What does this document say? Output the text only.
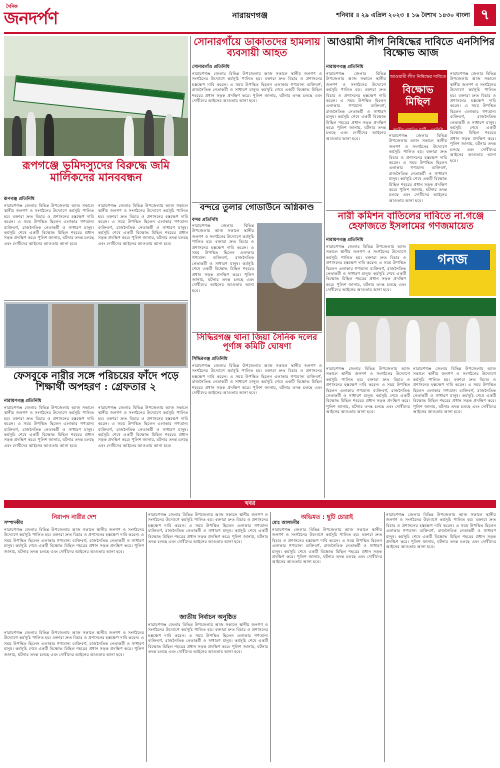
দৈনিক
জনদর্পণ	নারায়ণগঞ্জ	শনিবার ॥ ২৯ এপ্রিল ২০২৩ ॥ ১৬ বৈশাখ ১৪৩০ বাংলা ৭
রূপগঞ্জে ভূমিদস্যুদের বিরুদ্ধে জমি মালিকদের মানববন্ধন
রূপগঞ্জ প্রতিনিধি
নারায়ণগঞ্জ জেলার বিভিন্ন উপজেলায় আজ সকালে স্থানীয় জনগণ ও সংগঠনের উদ্যোগে কর্মসূচি পালিত হয়। বক্তারা দ্রুত বিচার ও প্রশাসনের হস্তক্ষেপ দাবি করেন। এ সময় উপস্থিত ছিলেন এলাকার গণ্যমান্য ব্যক্তিবর্গ, রাজনৈতিক নেতাকর্মী ও সাধারণ মানুষ। কর্মসূচি শেষে একটি বিক্ষোভ মিছিল শহরের প্রধান সড়ক প্রদক্ষিণ করে। পুলিশ জানায়, ঘটনার তদন্ত চলছে এবং দোষীদের আইনের আওতায় আনা হবে।
নারায়ণগঞ্জ জেলার বিভিন্ন উপজেলায় আজ সকালে স্থানীয় জনগণ ও সংগঠনের উদ্যোগে কর্মসূচি পালিত হয়। বক্তারা দ্রুত বিচার ও প্রশাসনের হস্তক্ষেপ দাবি করেন। এ সময় উপস্থিত ছিলেন এলাকার গণ্যমান্য ব্যক্তিবর্গ, রাজনৈতিক নেতাকর্মী ও সাধারণ মানুষ। কর্মসূচি শেষে একটি বিক্ষোভ মিছিল শহরের প্রধান সড়ক প্রদক্ষিণ করে। পুলিশ জানায়, ঘটনার তদন্ত চলছে এবং দোষীদের আইনের আওতায় আনা হবে।
সোনারগাঁয়ে ডাকাতদের হামলায় ব্যবসায়ী আহত
সোনারগাঁও প্রতিনিধি
নারায়ণগঞ্জ জেলার বিভিন্ন উপজেলায় আজ সকালে স্থানীয় জনগণ ও সংগঠনের উদ্যোগে কর্মসূচি পালিত হয়। বক্তারা দ্রুত বিচার ও প্রশাসনের হস্তক্ষেপ দাবি করেন। এ সময় উপস্থিত ছিলেন এলাকার গণ্যমান্য ব্যক্তিবর্গ, রাজনৈতিক নেতাকর্মী ও সাধারণ মানুষ। কর্মসূচি শেষে একটি বিক্ষোভ মিছিল শহরের প্রধান সড়ক প্রদক্ষিণ করে। পুলিশ জানায়, ঘটনার তদন্ত চলছে এবং দোষীদের আইনের আওতায় আনা হবে।
আওয়ামী লীগ নিষিদ্ধের দাবিতে এনসিপির বিক্ষোভ আজ
নারায়ণগঞ্জ প্রতিনিধি
নারায়ণগঞ্জ জেলার বিভিন্ন উপজেলায় আজ সকালে স্থানীয় জনগণ ও সংগঠনের উদ্যোগে কর্মসূচি পালিত হয়। বক্তারা দ্রুত বিচার ও প্রশাসনের হস্তক্ষেপ দাবি করেন। এ সময় উপস্থিত ছিলেন এলাকার গণ্যমান্য ব্যক্তিবর্গ, রাজনৈতিক নেতাকর্মী ও সাধারণ মানুষ। কর্মসূচি শেষে একটি বিক্ষোভ মিছিল শহরের প্রধান সড়ক প্রদক্ষিণ করে। পুলিশ জানায়, ঘটনার তদন্ত চলছে এবং দোষীদের আইনের আওতায় আনা হবে।
আওয়ামী লীগ নিষিদ্ধের দাবিতে
বিক্ষোভ মিছিল
জাতীয় নাগরিক পার্টি - এনসিপি
নারায়ণগঞ্জ জেলার বিভিন্ন উপজেলায় আজ সকালে স্থানীয় জনগণ ও সংগঠনের উদ্যোগে কর্মসূচি পালিত হয়। বক্তারা দ্রুত বিচার ও প্রশাসনের হস্তক্ষেপ দাবি করেন। এ সময় উপস্থিত ছিলেন এলাকার গণ্যমান্য ব্যক্তিবর্গ, রাজনৈতিক নেতাকর্মী ও সাধারণ মানুষ। কর্মসূচি শেষে একটি বিক্ষোভ মিছিল শহরের প্রধান সড়ক প্রদক্ষিণ করে। পুলিশ জানায়, ঘটনার তদন্ত চলছে এবং দোষীদের আইনের আওতায় আনা হবে।
নারায়ণগঞ্জ জেলার বিভিন্ন উপজেলায় আজ সকালে স্থানীয় জনগণ ও সংগঠনের উদ্যোগে কর্মসূচি পালিত হয়। বক্তারা দ্রুত বিচার ও প্রশাসনের হস্তক্ষেপ দাবি করেন। এ সময় উপস্থিত ছিলেন এলাকার গণ্যমান্য ব্যক্তিবর্গ, রাজনৈতিক নেতাকর্মী ও সাধারণ মানুষ। কর্মসূচি শেষে একটি বিক্ষোভ মিছিল শহরের প্রধান সড়ক প্রদক্ষিণ করে। পুলিশ জানায়, ঘটনার তদন্ত চলছে এবং দোষীদের আইনের আওতায় আনা হবে।
বন্দরে তুলার গোডাউনে অগ্নিকাণ্ড
বন্দর প্রতিনিধি
নারায়ণগঞ্জ জেলার বিভিন্ন উপজেলায় আজ সকালে স্থানীয় জনগণ ও সংগঠনের উদ্যোগে কর্মসূচি পালিত হয়। বক্তারা দ্রুত বিচার ও প্রশাসনের হস্তক্ষেপ দাবি করেন। এ সময় উপস্থিত ছিলেন এলাকার গণ্যমান্য ব্যক্তিবর্গ, রাজনৈতিক নেতাকর্মী ও সাধারণ মানুষ। কর্মসূচি শেষে একটি বিক্ষোভ মিছিল শহরের প্রধান সড়ক প্রদক্ষিণ করে। পুলিশ জানায়, ঘটনার তদন্ত চলছে এবং দোষীদের আইনের আওতায় আনা হবে।
নারী কমিশন বাতিলের দাবিতে না.গঞ্জে হেফাজতে ইসলামের গণজমায়েত
নারায়ণগঞ্জ প্রতিনিধি
নারায়ণগঞ্জ জেলার বিভিন্ন উপজেলায় আজ সকালে স্থানীয় জনগণ ও সংগঠনের উদ্যোগে কর্মসূচি পালিত হয়। বক্তারা দ্রুত বিচার ও প্রশাসনের হস্তক্ষেপ দাবি করেন। এ সময় উপস্থিত ছিলেন এলাকার গণ্যমান্য ব্যক্তিবর্গ, রাজনৈতিক নেতাকর্মী ও সাধারণ মানুষ। কর্মসূচি শেষে একটি বিক্ষোভ মিছিল শহরের প্রধান সড়ক প্রদক্ষিণ করে। পুলিশ জানায়, ঘটনার তদন্ত চলছে এবং দোষীদের আইনের আওতায় আনা হবে।
গনজ
নারায়ণগঞ্জ জেলার বিভিন্ন উপজেলায় আজ সকালে স্থানীয় জনগণ ও সংগঠনের উদ্যোগে কর্মসূচি পালিত হয়। বক্তারা দ্রুত বিচার ও প্রশাসনের হস্তক্ষেপ দাবি করেন। এ সময় উপস্থিত ছিলেন এলাকার গণ্যমান্য ব্যক্তিবর্গ, রাজনৈতিক নেতাকর্মী ও সাধারণ মানুষ। কর্মসূচি শেষে একটি বিক্ষোভ মিছিল শহরের প্রধান সড়ক প্রদক্ষিণ করে। পুলিশ জানায়, ঘটনার তদন্ত চলছে এবং দোষীদের আইনের আওতায় আনা হবে।
নারায়ণগঞ্জ জেলার বিভিন্ন উপজেলায় আজ সকালে স্থানীয় জনগণ ও সংগঠনের উদ্যোগে কর্মসূচি পালিত হয়। বক্তারা দ্রুত বিচার ও প্রশাসনের হস্তক্ষেপ দাবি করেন। এ সময় উপস্থিত ছিলেন এলাকার গণ্যমান্য ব্যক্তিবর্গ, রাজনৈতিক নেতাকর্মী ও সাধারণ মানুষ। কর্মসূচি শেষে একটি বিক্ষোভ মিছিল শহরের প্রধান সড়ক প্রদক্ষিণ করে। পুলিশ জানায়, ঘটনার তদন্ত চলছে এবং দোষীদের আইনের আওতায় আনা হবে।
সিদ্ধিরগঞ্জ থানা জিয়া সৈনিক দলের পূর্ণাঙ্গ কমিটি ঘোষণা
সিদ্ধিরগঞ্জ প্রতিনিধি
নারায়ণগঞ্জ জেলার বিভিন্ন উপজেলায় আজ সকালে স্থানীয় জনগণ ও সংগঠনের উদ্যোগে কর্মসূচি পালিত হয়। বক্তারা দ্রুত বিচার ও প্রশাসনের হস্তক্ষেপ দাবি করেন। এ সময় উপস্থিত ছিলেন এলাকার গণ্যমান্য ব্যক্তিবর্গ, রাজনৈতিক নেতাকর্মী ও সাধারণ মানুষ। কর্মসূচি শেষে একটি বিক্ষোভ মিছিল শহরের প্রধান সড়ক প্রদক্ষিণ করে। পুলিশ জানায়, ঘটনার তদন্ত চলছে এবং দোষীদের আইনের আওতায় আনা হবে।
ফেসবুকে নারীর সঙ্গে পরিচয়ের ফাঁদে পড়ে শিক্ষার্থী অপহরণ : গ্রেফতার ২
নারায়ণগঞ্জ প্রতিনিধি
নারায়ণগঞ্জ জেলার বিভিন্ন উপজেলায় আজ সকালে স্থানীয় জনগণ ও সংগঠনের উদ্যোগে কর্মসূচি পালিত হয়। বক্তারা দ্রুত বিচার ও প্রশাসনের হস্তক্ষেপ দাবি করেন। এ সময় উপস্থিত ছিলেন এলাকার গণ্যমান্য ব্যক্তিবর্গ, রাজনৈতিক নেতাকর্মী ও সাধারণ মানুষ। কর্মসূচি শেষে একটি বিক্ষোভ মিছিল শহরের প্রধান সড়ক প্রদক্ষিণ করে। পুলিশ জানায়, ঘটনার তদন্ত চলছে এবং দোষীদের আইনের আওতায় আনা হবে।
নারায়ণগঞ্জ জেলার বিভিন্ন উপজেলায় আজ সকালে স্থানীয় জনগণ ও সংগঠনের উদ্যোগে কর্মসূচি পালিত হয়। বক্তারা দ্রুত বিচার ও প্রশাসনের হস্তক্ষেপ দাবি করেন। এ সময় উপস্থিত ছিলেন এলাকার গণ্যমান্য ব্যক্তিবর্গ, রাজনৈতিক নেতাকর্মী ও সাধারণ মানুষ। কর্মসূচি শেষে একটি বিক্ষোভ মিছিল শহরের প্রধান সড়ক প্রদক্ষিণ করে। পুলিশ জানায়, ঘটনার তদন্ত চলছে এবং দোষীদের আইনের আওতায় আনা হবে।
খবর
নিরাপদ নারীর দেশ
সম্পাদকীয়
নারায়ণগঞ্জ জেলার বিভিন্ন উপজেলায় আজ সকালে স্থানীয় জনগণ ও সংগঠনের উদ্যোগে কর্মসূচি পালিত হয়। বক্তারা দ্রুত বিচার ও প্রশাসনের হস্তক্ষেপ দাবি করেন। এ সময় উপস্থিত ছিলেন এলাকার গণ্যমান্য ব্যক্তিবর্গ, রাজনৈতিক নেতাকর্মী ও সাধারণ মানুষ। কর্মসূচি শেষে একটি বিক্ষোভ মিছিল শহরের প্রধান সড়ক প্রদক্ষিণ করে। পুলিশ জানায়, ঘটনার তদন্ত চলছে এবং দোষীদের আইনের আওতায় আনা হবে।
জাতীয় নির্বাচন অনুষ্ঠিত
নারায়ণগঞ্জ জেলার বিভিন্ন উপজেলায় আজ সকালে স্থানীয় জনগণ ও সংগঠনের উদ্যোগে কর্মসূচি পালিত হয়। বক্তারা দ্রুত বিচার ও প্রশাসনের হস্তক্ষেপ দাবি করেন। এ সময় উপস্থিত ছিলেন এলাকার গণ্যমান্য ব্যক্তিবর্গ, রাজনৈতিক নেতাকর্মী ও সাধারণ মানুষ। কর্মসূচি শেষে একটি বিক্ষোভ মিছিল শহরের প্রধান সড়ক প্রদক্ষিণ করে। পুলিশ জানায়, ঘটনার তদন্ত চলছে এবং দোষীদের আইনের আওতায় আনা হবে।
নারায়ণগঞ্জ জেলার বিভিন্ন উপজেলায় আজ সকালে স্থানীয় জনগণ ও সংগঠনের উদ্যোগে কর্মসূচি পালিত হয়। বক্তারা দ্রুত বিচার ও প্রশাসনের হস্তক্ষেপ দাবি করেন। এ সময় উপস্থিত ছিলেন এলাকার গণ্যমান্য ব্যক্তিবর্গ, রাজনৈতিক নেতাকর্মী ও সাধারণ মানুষ। কর্মসূচি শেষে একটি বিক্ষোভ মিছিল শহরের প্রধান সড়ক প্রদক্ষিণ করে। পুলিশ জানায়, ঘটনার তদন্ত চলছে এবং দোষীদের আইনের আওতায় আনা হবে।
নারায়ণগঞ্জ জেলার বিভিন্ন উপজেলায় আজ সকালে স্থানীয় জনগণ ও সংগঠনের উদ্যোগে কর্মসূচি পালিত হয়। বক্তারা দ্রুত বিচার ও প্রশাসনের হস্তক্ষেপ দাবি করেন। এ সময় উপস্থিত ছিলেন এলাকার গণ্যমান্য ব্যক্তিবর্গ, রাজনৈতিক নেতাকর্মী ও সাধারণ মানুষ। কর্মসূচি শেষে একটি বিক্ষোভ মিছিল শহরের প্রধান সড়ক প্রদক্ষিণ করে। পুলিশ জানায়, ঘটনার তদন্ত চলছে এবং দোষীদের আইনের আওতায় আনা হবে।
অভিমত : ছুটি চোরাই
মোঃ আলমগীর
নারায়ণগঞ্জ জেলার বিভিন্ন উপজেলায় আজ সকালে স্থানীয় জনগণ ও সংগঠনের উদ্যোগে কর্মসূচি পালিত হয়। বক্তারা দ্রুত বিচার ও প্রশাসনের হস্তক্ষেপ দাবি করেন। এ সময় উপস্থিত ছিলেন এলাকার গণ্যমান্য ব্যক্তিবর্গ, রাজনৈতিক নেতাকর্মী ও সাধারণ মানুষ। কর্মসূচি শেষে একটি বিক্ষোভ মিছিল শহরের প্রধান সড়ক প্রদক্ষিণ করে। পুলিশ জানায়, ঘটনার তদন্ত চলছে এবং দোষীদের আইনের আওতায় আনা হবে।
নারায়ণগঞ্জ জেলার বিভিন্ন উপজেলায় আজ সকালে স্থানীয় জনগণ ও সংগঠনের উদ্যোগে কর্মসূচি পালিত হয়। বক্তারা দ্রুত বিচার ও প্রশাসনের হস্তক্ষেপ দাবি করেন। এ সময় উপস্থিত ছিলেন এলাকার গণ্যমান্য ব্যক্তিবর্গ, রাজনৈতিক নেতাকর্মী ও সাধারণ মানুষ। কর্মসূচি শেষে একটি বিক্ষোভ মিছিল শহরের প্রধান সড়ক প্রদক্ষিণ করে। পুলিশ জানায়, ঘটনার তদন্ত চলছে এবং দোষীদের আইনের আওতায় আনা হবে।
